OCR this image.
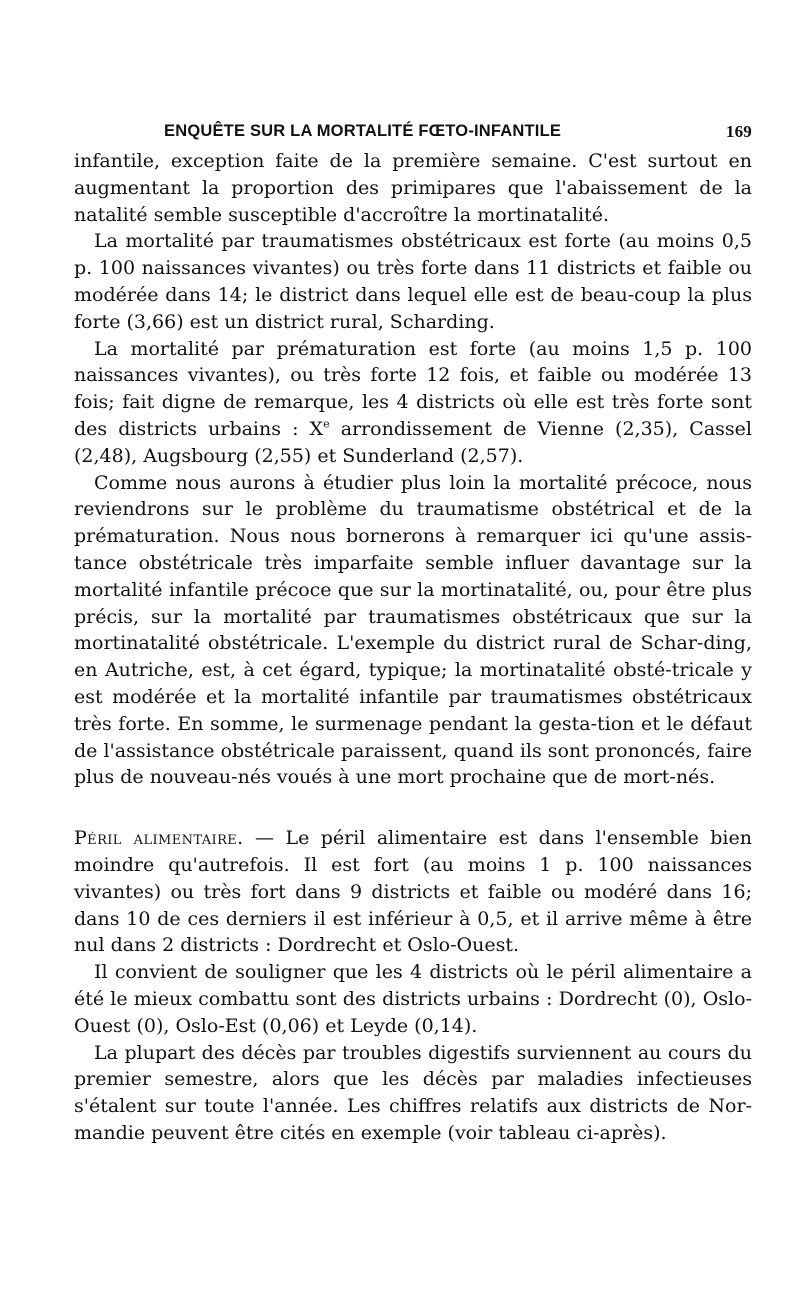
ENQUÊTE SUR LA MORTALITÉ FŒTO-INFANTILE	169

infantile, exception faite de la première semaine. C'est surtout en augmentant la proportion des primipares que l'abaissement de la natalité semble susceptible d'accroître la mortinatalité.

La mortalité par traumatismes obstétricaux est forte (au moins 0,5 p. 100 naissances vivantes) ou très forte dans 11 districts et faible ou modérée dans 14; le district dans lequel elle est de beau-coup la plus forte (3,66) est un district rural, Scharding.

La mortalité par prématuration est forte (au moins 1,5 p. 100 naissances vivantes), ou très forte 12 fois, et faible ou modérée 13 fois; fait digne de remarque, les 4 districts où elle est très forte sont des districts urbains : Xe arrondissement de Vienne (2,35), Cassel (2,48), Augsbourg (2,55) et Sunderland (2,57).

Comme nous aurons à étudier plus loin la mortalité précoce, nous reviendrons sur le problème du traumatisme obstétrical et de la prématuration. Nous nous bornerons à remarquer ici qu'une assis-tance obstétricale très imparfaite semble influer davantage sur la mortalité infantile précoce que sur la mortinatalité, ou, pour être plus précis, sur la mortalité par traumatismes obstétricaux que sur la mortinatalité obstétricale. L'exemple du district rural de Schar-ding, en Autriche, est, à cet égard, typique; la mortinatalité obsté-tricale y est modérée et la mortalité infantile par traumatismes obstétricaux très forte. En somme, le surmenage pendant la gesta-tion et le défaut de l'assistance obstétricale paraissent, quand ils sont prononcés, faire plus de nouveau-nés voués à une mort prochaine que de mort-nés.

Péril alimentaire. — Le péril alimentaire est dans l'ensemble bien moindre qu'autrefois. Il est fort (au moins 1 p. 100 naissances vivantes) ou très fort dans 9 districts et faible ou modéré dans 16; dans 10 de ces derniers il est inférieur à 0,5, et il arrive même à être nul dans 2 districts : Dordrecht et Oslo-Ouest.

Il convient de souligner que les 4 districts où le péril alimentaire a été le mieux combattu sont des districts urbains : Dordrecht (0), Oslo-Ouest (0), Oslo-Est (0,06) et Leyde (0,14).

La plupart des décès par troubles digestifs surviennent au cours du premier semestre, alors que les décès par maladies infectieuses s'étalent sur toute l'année. Les chiffres relatifs aux districts de Nor-mandie peuvent être cités en exemple (voir tableau ci-après).
